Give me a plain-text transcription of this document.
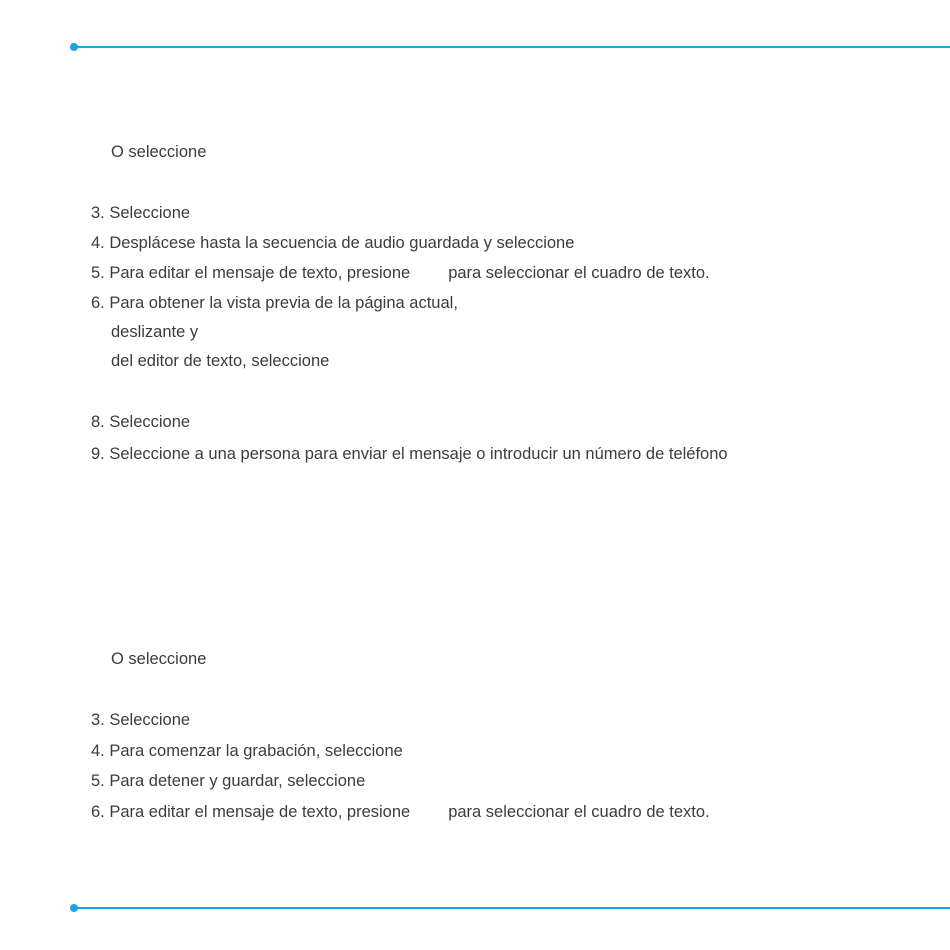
O seleccione
3. Seleccione
4. Desplácese hasta la secuencia de audio guardada y seleccione
5. Para editar el mensaje de texto, presione para seleccionar el cuadro de texto.
6. Para obtener la vista previa de la página actual,
deslizante y
del editor de texto, seleccione
8. Seleccione
9. Seleccione a una persona para enviar el mensaje o introducir un número de teléfono
O seleccione
3. Seleccione
4. Para comenzar la grabación, seleccione
5. Para detener y guardar, seleccione
6. Para editar el mensaje de texto, presione para seleccionar el cuadro de texto.
